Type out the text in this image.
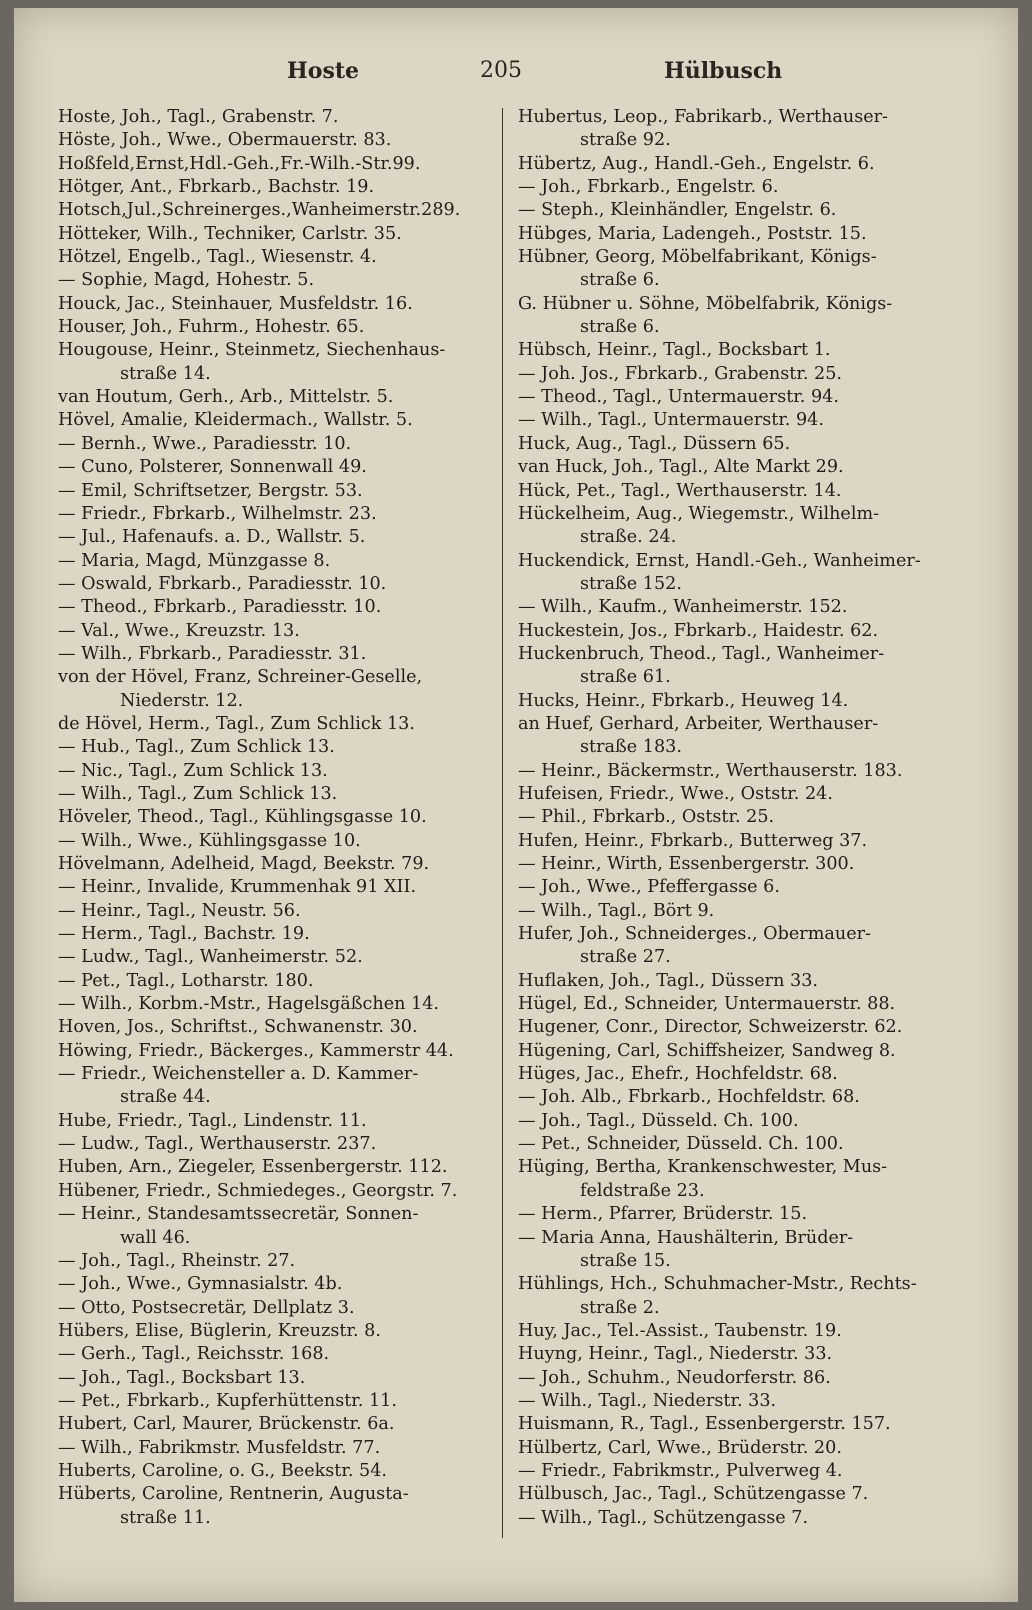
Hoste	205	Hülbusch
Hoste, Joh., Tagl., Grabenstr. 7.
Höste, Joh., Wwe., Obermauerstr. 83.
Hoßfeld,Ernst,Hdl.-Geh.,Fr.-Wilh.-Str.99.
Hötger, Ant., Fbrkarb., Bachstr. 19.
Hotsch,Jul.,Schreinerges.,Wanheimerstr.289.
Hötteker, Wilh., Techniker, Carlstr. 35.
Hötzel, Engelb., Tagl., Wiesenstr. 4.
— Sophie, Magd, Hohestr. 5.
Houck, Jac., Steinhauer, Musfeldstr. 16.
Houser, Joh., Fuhrm., Hohestr. 65.
Hougouse, Heinr., Steinmetz, Siechenhaus-
straße 14.
van Houtum, Gerh., Arb., Mittelstr. 5.
Hövel, Amalie, Kleidermach., Wallstr. 5.
— Bernh., Wwe., Paradiesstr. 10.
— Cuno, Polsterer, Sonnenwall 49.
— Emil, Schriftsetzer, Bergstr. 53.
— Friedr., Fbrkarb., Wilhelmstr. 23.
— Jul., Hafenaufs. a. D., Wallstr. 5.
— Maria, Magd, Münzgasse 8.
— Oswald, Fbrkarb., Paradiesstr. 10.
— Theod., Fbrkarb., Paradiesstr. 10.
— Val., Wwe., Kreuzstr. 13.
— Wilh., Fbrkarb., Paradiesstr. 31.
von der Hövel, Franz, Schreiner-Geselle,
Niederstr. 12.
de Hövel, Herm., Tagl., Zum Schlick 13.
— Hub., Tagl., Zum Schlick 13.
— Nic., Tagl., Zum Schlick 13.
— Wilh., Tagl., Zum Schlick 13.
Höveler, Theod., Tagl., Kühlingsgasse 10.
— Wilh., Wwe., Kühlingsgasse 10.
Hövelmann, Adelheid, Magd, Beekstr. 79.
— Heinr., Invalide, Krummenhak 91 XII.
— Heinr., Tagl., Neustr. 56.
— Herm., Tagl., Bachstr. 19.
— Ludw., Tagl., Wanheimerstr. 52.
— Pet., Tagl., Lotharstr. 180.
— Wilh., Korbm.-Mstr., Hagelsgäßchen 14.
Hoven, Jos., Schriftst., Schwanenstr. 30.
Höwing, Friedr., Bäckerges., Kammerstr 44.
— Friedr., Weichensteller a. D. Kammer-
straße 44.
Hube, Friedr., Tagl., Lindenstr. 11.
— Ludw., Tagl., Werthauserstr. 237.
Huben, Arn., Ziegeler, Essenbergerstr. 112.
Hübener, Friedr., Schmiedeges., Georgstr. 7.
— Heinr., Standesamtssecretär, Sonnen-
wall 46.
— Joh., Tagl., Rheinstr. 27.
— Joh., Wwe., Gymnasialstr. 4b.
— Otto, Postsecretär, Dellplatz 3.
Hübers, Elise, Büglerin, Kreuzstr. 8.
— Gerh., Tagl., Reichsstr. 168.
— Joh., Tagl., Bocksbart 13.
— Pet., Fbrkarb., Kupferhüttenstr. 11.
Hubert, Carl, Maurer, Brückenstr. 6a.
— Wilh., Fabrikmstr. Musfeldstr. 77.
Huberts, Caroline, o. G., Beekstr. 54.
Hüberts, Caroline, Rentnerin, Augusta-
straße 11.
Hubertus, Leop., Fabrikarb., Werthauser-
straße 92.
Hübertz, Aug., Handl.-Geh., Engelstr. 6.
— Joh., Fbrkarb., Engelstr. 6.
— Steph., Kleinhändler, Engelstr. 6.
Hübges, Maria, Ladengeh., Poststr. 15.
Hübner, Georg, Möbelfabrikant, Königs-
straße 6.
G. Hübner u. Söhne, Möbelfabrik, Königs-
straße 6.
Hübsch, Heinr., Tagl., Bocksbart 1.
— Joh. Jos., Fbrkarb., Grabenstr. 25.
— Theod., Tagl., Untermauerstr. 94.
— Wilh., Tagl., Untermauerstr. 94.
Huck, Aug., Tagl., Düssern 65.
van Huck, Joh., Tagl., Alte Markt 29.
Hück, Pet., Tagl., Werthauserstr. 14.
Hückelheim, Aug., Wiegemstr., Wilhelm-
straße. 24.
Huckendick, Ernst, Handl.-Geh., Wanheimer-
straße 152.
— Wilh., Kaufm., Wanheimerstr. 152.
Huckestein, Jos., Fbrkarb., Haidestr. 62.
Huckenbruch, Theod., Tagl., Wanheimer-
straße 61.
Hucks, Heinr., Fbrkarb., Heuweg 14.
an Huef, Gerhard, Arbeiter, Werthauser-
straße 183.
— Heinr., Bäckermstr., Werthauserstr. 183.
Hufeisen, Friedr., Wwe., Oststr. 24.
— Phil., Fbrkarb., Oststr. 25.
Hufen, Heinr., Fbrkarb., Butterweg 37.
— Heinr., Wirth, Essenbergerstr. 300.
— Joh., Wwe., Pfeffergasse 6.
— Wilh., Tagl., Bört 9.
Hufer, Joh., Schneiderges., Obermauer-
straße 27.
Huflaken, Joh., Tagl., Düssern 33.
Hügel, Ed., Schneider, Untermauerstr. 88.
Hugener, Conr., Director, Schweizerstr. 62.
Hügening, Carl, Schiffsheizer, Sandweg 8.
Hüges, Jac., Ehefr., Hochfeldstr. 68.
— Joh. Alb., Fbrkarb., Hochfeldstr. 68.
— Joh., Tagl., Düsseld. Ch. 100.
— Pet., Schneider, Düsseld. Ch. 100.
Hüging, Bertha, Krankenschwester, Mus-
feldstraße 23.
— Herm., Pfarrer, Brüderstr. 15.
— Maria Anna, Haushälterin, Brüder-
straße 15.
Hühlings, Hch., Schuhmacher-Mstr., Rechts-
straße 2.
Huy, Jac., Tel.-Assist., Taubenstr. 19.
Huyng, Heinr., Tagl., Niederstr. 33.
— Joh., Schuhm., Neudorferstr. 86.
— Wilh., Tagl., Niederstr. 33.
Huismann, R., Tagl., Essenbergerstr. 157.
Hülbertz, Carl, Wwe., Brüderstr. 20.
— Friedr., Fabrikmstr., Pulverweg 4.
Hülbusch, Jac., Tagl., Schützengasse 7.
— Wilh., Tagl., Schützengasse 7.
